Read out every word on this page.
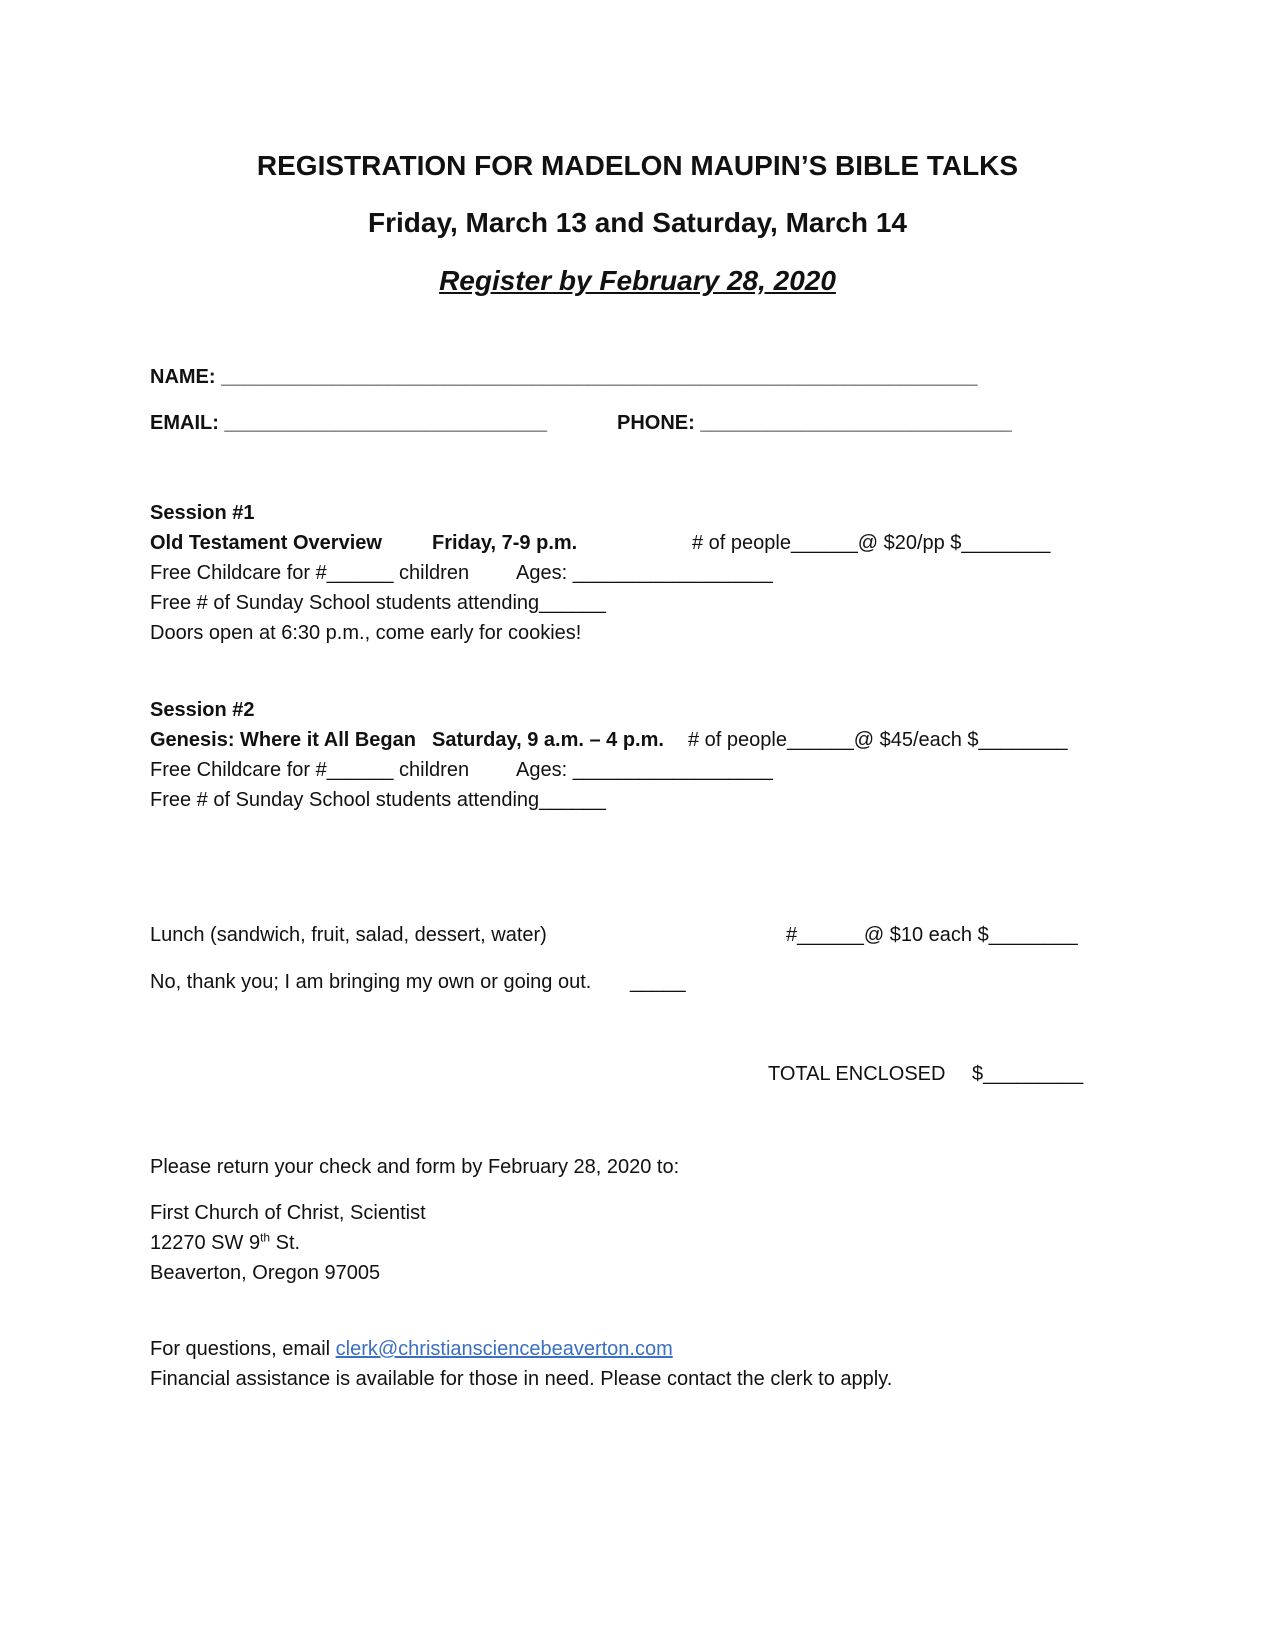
REGISTRATION FOR MADELON MAUPIN’S BIBLE TALKS
Friday, March 13 and Saturday, March 14
Register by February 28, 2020
NAME: ____________________________________________________________________
EMAIL: _____________________________	PHONE: ____________________________
Session #1
Old Testament Overview	Friday, 7-9 p.m.	# of people______@ $20/pp $________
Free Childcare for #______ children Ages: __________________
Free # of Sunday School students attending______
Doors open at 6:30 p.m., come early for cookies!
Session #2
Genesis: Where it All Began Saturday, 9 a.m. – 4 p.m. # of people______@ $45/each $________
Free Childcare for #______ children Ages: __________________
Free # of Sunday School students attending______
Lunch (sandwich, fruit, salad, dessert, water)	#______@ $10 each $________
No, thank you; I am bringing my own or going out. _____
TOTAL ENCLOSED $_________
Please return your check and form by February 28, 2020 to:
First Church of Christ, Scientist
12270 SW 9th St.
Beaverton, Oregon 97005
For questions, email clerk@christiansciencebeaverton.com
Financial assistance is available for those in need. Please contact the clerk to apply.
